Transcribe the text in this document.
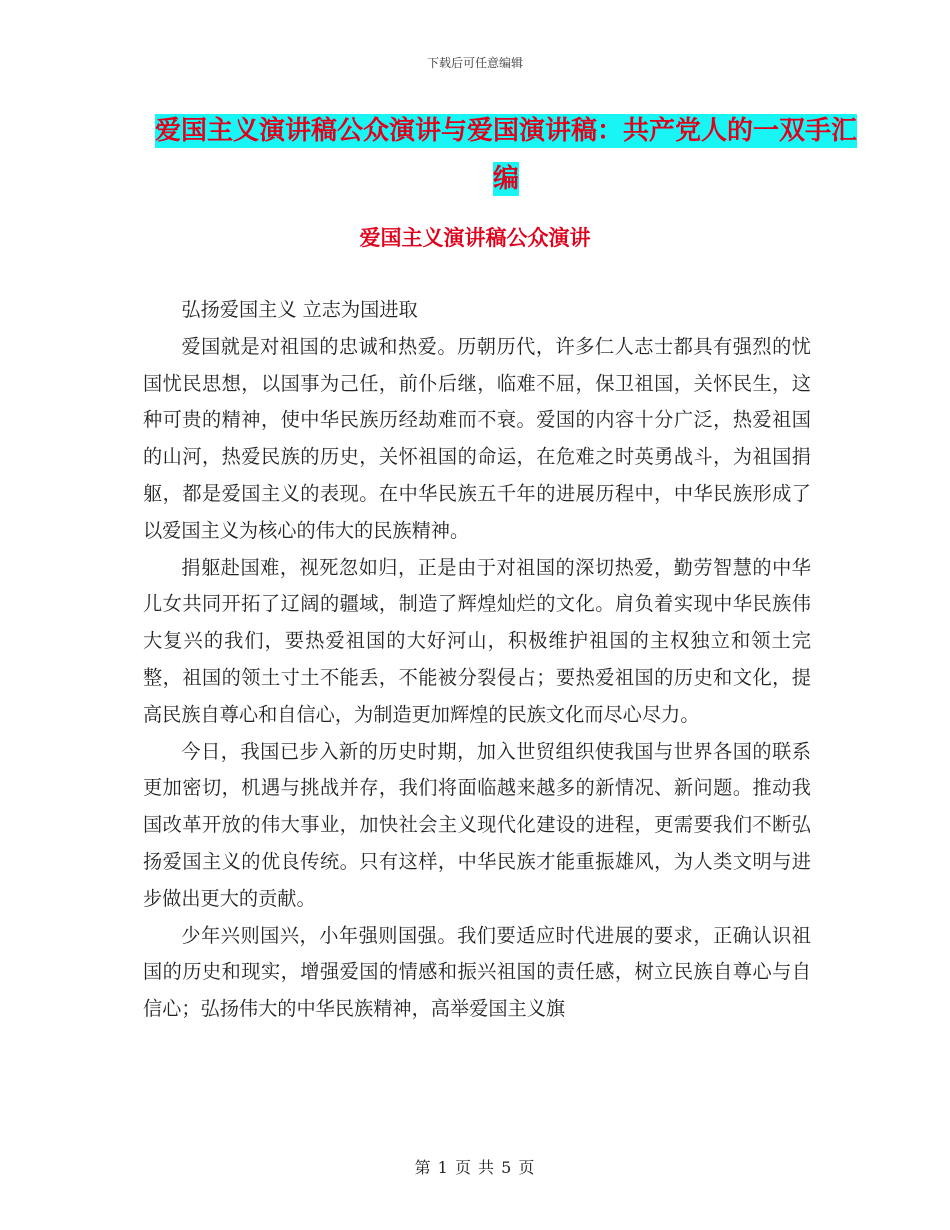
下载后可任意编辑
爱国主义演讲稿公众演讲与爱国演讲稿：共产党人的一双手汇编
爱国主义演讲稿公众演讲

弘扬爱国主义 立志为国进取

爱国就是对祖国的忠诚和热爱。历朝历代，许多仁人志士都具有强烈的忧国忧民思想，以国事为己任，前仆后继，临难不屈，保卫祖国，关怀民生，这种可贵的精神，使中华民族历经劫难而不衰。爱国的内容十分广泛，热爱祖国的山河，热爱民族的历史，关怀祖国的命运，在危难之时英勇战斗，为祖国捐躯，都是爱国主义的表现。在中华民族五千年的进展历程中，中华民族形成了以爱国主义为核心的伟大的民族精神。

捐躯赴国难，视死忽如归，正是由于对祖国的深切热爱，勤劳智慧的中华儿女共同开拓了辽阔的疆域，制造了辉煌灿烂的文化。肩负着实现中华民族伟大复兴的我们，要热爱祖国的大好河山，积极维护祖国的主权独立和领土完整，祖国的领土寸土不能丢，不能被分裂侵占；要热爱祖国的历史和文化，提高民族自尊心和自信心，为制造更加辉煌的民族文化而尽心尽力。

今日，我国已步入新的历史时期，加入世贸组织使我国与世界各国的联系更加密切，机遇与挑战并存，我们将面临越来越多的新情况、新问题。推动我国改革开放的伟大事业，加快社会主义现代化建设的进程，更需要我们不断弘扬爱国主义的优良传统。只有这样，中华民族才能重振雄风，为人类文明与进步做出更大的贡献。

少年兴则国兴，小年强则国强。我们要适应时代进展的要求，正确认识祖国的历史和现实，增强爱国的情感和振兴祖国的责任感，树立民族自尊心与自信心；弘扬伟大的中华民族精神，高举爱国主义旗

第 1 页 共 5 页
